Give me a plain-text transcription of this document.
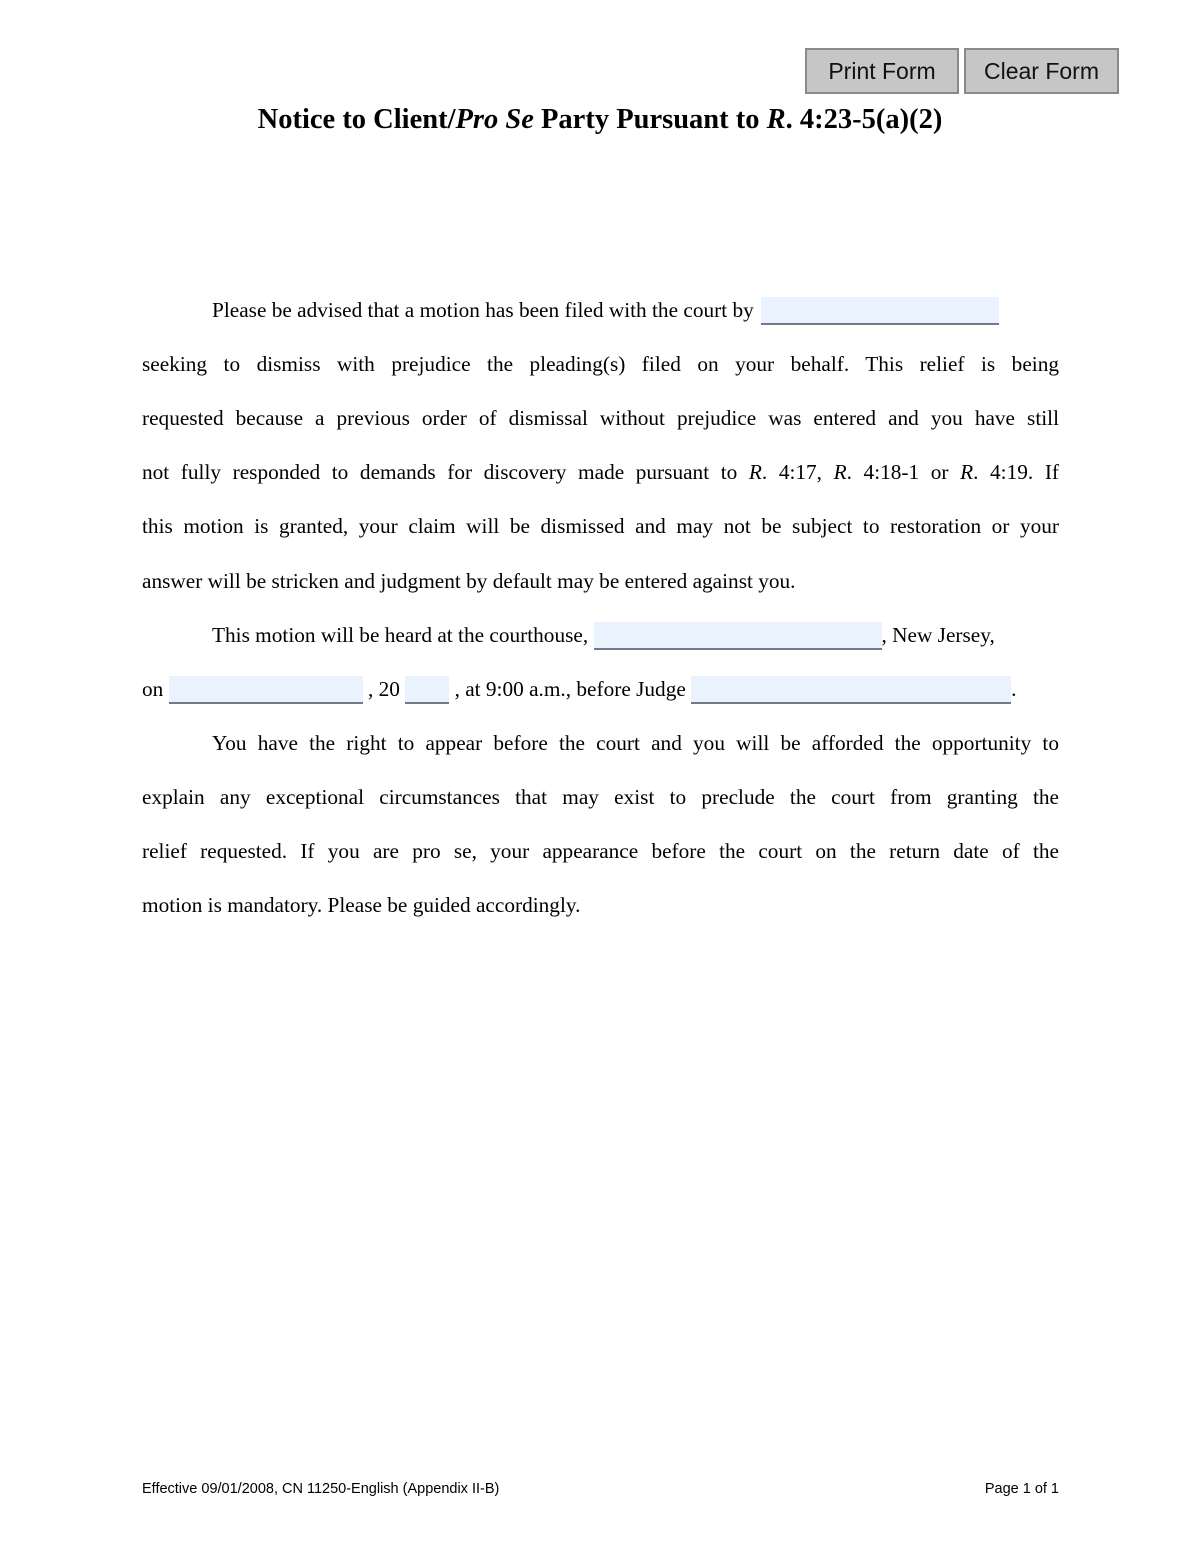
Print Form	Clear Form
Notice to Client/Pro Se Party Pursuant to R. 4:23-5(a)(2)
Please be advised that a motion has been filed with the court by
seeking to dismiss with prejudice the pleading(s) filed on your behalf. This relief is being
requested because a previous order of dismissal without prejudice was entered and you have still
not fully responded to demands for discovery made pursuant to R. 4:17, R. 4:18-1 or R. 4:19. If
this motion is granted, your claim will be dismissed and may not be subject to restoration or your
answer will be stricken and judgment by default may be entered against you.
This motion will be heard at the courthouse,	, New Jersey,
on	, 20	, at 9:00 a.m., before Judge	.
You have the right to appear before the court and you will be afforded the opportunity to
explain any exceptional circumstances that may exist to preclude the court from granting the
relief requested. If you are pro se, your appearance before the court on the return date of the
motion is mandatory. Please be guided accordingly.
Effective 09/01/2008, CN 11250-English (Appendix II-B)	Page 1 of 1
